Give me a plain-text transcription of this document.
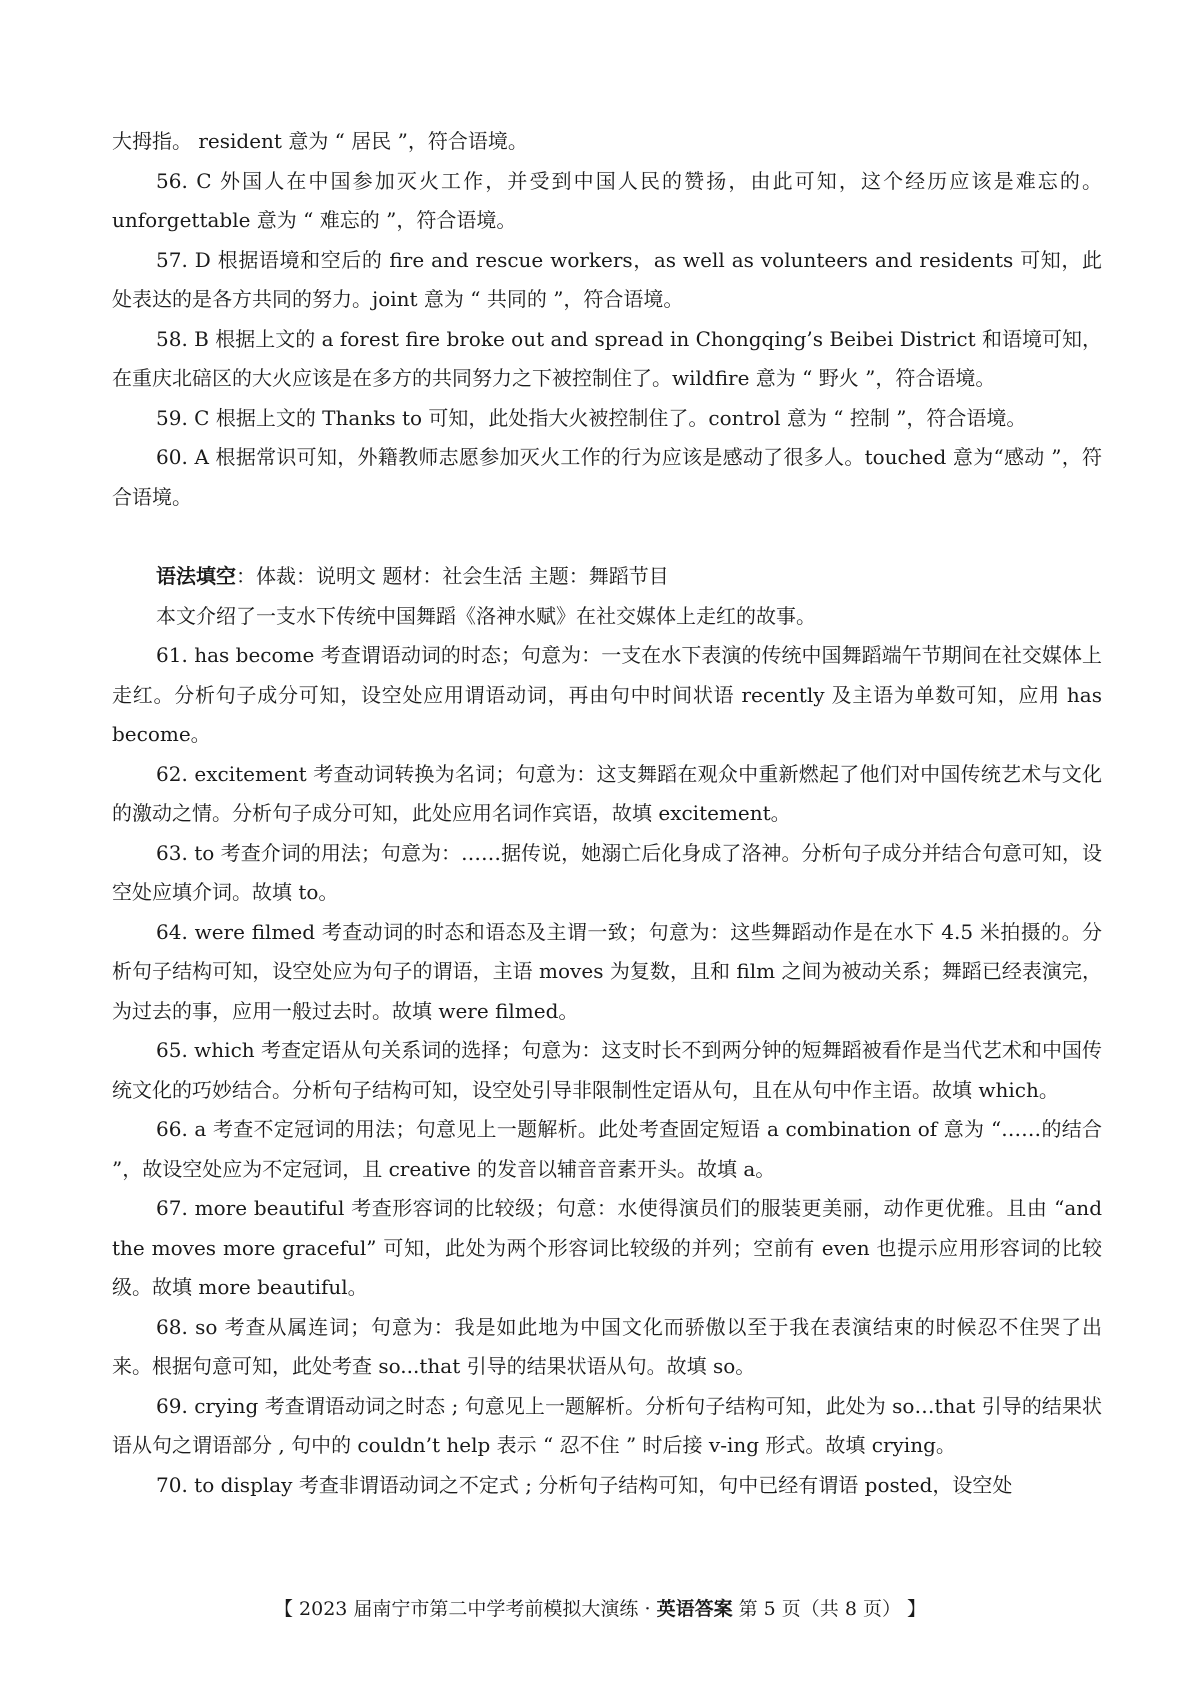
大拇指。 resident 意为 “ 居民 ”，符合语境。

56. C 外国人在中国参加灭火工作，并受到中国人民的赞扬，由此可知，这个经历应该是难忘的。 unforgettable 意为 “ 难忘的 ”，符合语境。

57. D 根据语境和空后的 fire and rescue workers，as well as volunteers and residents 可知，此处表达的是各方共同的努力。joint 意为 “ 共同的 ”，符合语境。

58. B 根据上文的 a forest fire broke out and spread in Chongqing’s Beibei District 和语境可知，在重庆北碚区的大火应该是在多方的共同努力之下被控制住了。wildfire 意为 “ 野火 ”，符合语境。

59. C 根据上文的 Thanks to 可知，此处指大火被控制住了。control 意为 “ 控制 ”，符合语境。

60. A 根据常识可知，外籍教师志愿参加灭火工作的行为应该是感动了很多人。touched 意为“感动 ”，符合语境。

语法填空：体裁：说明文 题材：社会生活 主题：舞蹈节目

本文介绍了一支水下传统中国舞蹈《洛神水赋》在社交媒体上走红的故事。

61. has become 考查谓语动词的时态；句意为：一支在水下表演的传统中国舞蹈端午节期间在社交媒体上走红。分析句子成分可知，设空处应用谓语动词，再由句中时间状语 recently 及主语为单数可知，应用 has become。

62. excitement 考查动词转换为名词；句意为：这支舞蹈在观众中重新燃起了他们对中国传统艺术与文化的激动之情。分析句子成分可知，此处应用名词作宾语，故填 excitement。

63. to 考查介词的用法；句意为：……据传说，她溺亡后化身成了洛神。分析句子成分并结合句意可知，设空处应填介词。故填 to。

64. were filmed 考查动词的时态和语态及主谓一致；句意为：这些舞蹈动作是在水下 4.5 米拍摄的。分析句子结构可知，设空处应为句子的谓语，主语 moves 为复数，且和 film 之间为被动关系；舞蹈已经表演完，为过去的事，应用一般过去时。故填 were filmed。

65. which 考查定语从句关系词的选择；句意为：这支时长不到两分钟的短舞蹈被看作是当代艺术和中国传统文化的巧妙结合。分析句子结构可知，设空处引导非限制性定语从句，且在从句中作主语。故填 which。

66. a 考查不定冠词的用法；句意见上一题解析。此处考查固定短语 a combination of 意为 “……的结合 ”，故设空处应为不定冠词，且 creative 的发音以辅音音素开头。故填 a。

67. more beautiful 考查形容词的比较级；句意：水使得演员们的服装更美丽，动作更优雅。且由 “and the moves more graceful” 可知，此处为两个形容词比较级的并列；空前有 even 也提示应用形容词的比较级。故填 more beautiful。

68. so 考查从属连词；句意为：我是如此地为中国文化而骄傲以至于我在表演结束的时候忍不住哭了出来。根据句意可知，此处考查 so...that 引导的结果状语从句。故填 so。

69. crying 考查谓语动词之时态 ; 句意见上一题解析。分析句子结构可知，此处为 so…that 引导的结果状语从句之谓语部分 , 句中的 couldn’t help 表示 “ 忍不住 ” 时后接 v-ing 形式。故填 crying。

70. to display 考查非谓语动词之不定式 ; 分析句子结构可知，句中已经有谓语 posted，设空处

【 2023 届南宁市第二中学考前模拟大演练 · 英语答案 第 5 页（共 8 页） 】
